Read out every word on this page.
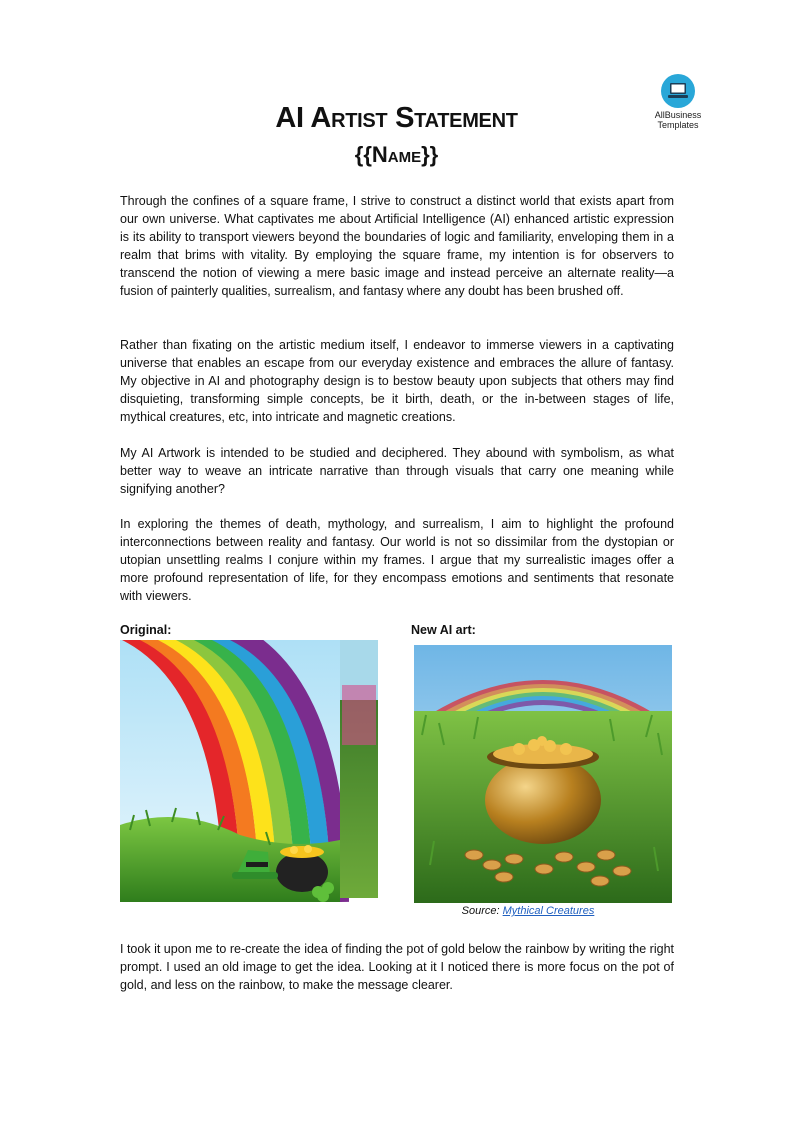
AllBusiness
Templates
AI Artist Statement
{{Name}}

Through the confines of a square frame, I strive to construct a distinct world that exists apart from our own universe. What captivates me about Artificial Intelligence (AI) enhanced artistic expression is its ability to transport viewers beyond the boundaries of logic and familiarity, enveloping them in a realm that brims with vitality. By employing the square frame, my intention is for observers to transcend the notion of viewing a mere basic image and instead perceive an alternate reality—a fusion of painterly qualities, surrealism, and fantasy where any doubt has been brushed off.

Rather than fixating on the artistic medium itself, I endeavor to immerse viewers in a captivating universe that enables an escape from our everyday existence and embraces the allure of fantasy. My objective in AI and photography design is to bestow beauty upon subjects that others may find disquieting, transforming simple concepts, be it birth, death, or the in-between stages of life, mythical creatures, etc, into intricate and magnetic creations.

My AI Artwork is intended to be studied and deciphered. They abound with symbolism, as what better way to weave an intricate narrative than through visuals that carry one meaning while signifying another?

In exploring the themes of death, mythology, and surrealism, I aim to highlight the profound interconnections between reality and fantasy. Our world is not so dissimilar from the dystopian or utopian unsettling realms I conjure within my frames. I argue that my surrealistic images offer a more profound representation of life, for they encompass emotions and sentiments that resonate with viewers.

Original:	New AI art:
Source: Mythical Creatures

I took it upon me to re-create the idea of finding the pot of gold below the rainbow by writing the right prompt. I used an old image to get the idea. Looking at it I noticed there is more focus on the pot of gold, and less on the rainbow, to make the message clearer.
